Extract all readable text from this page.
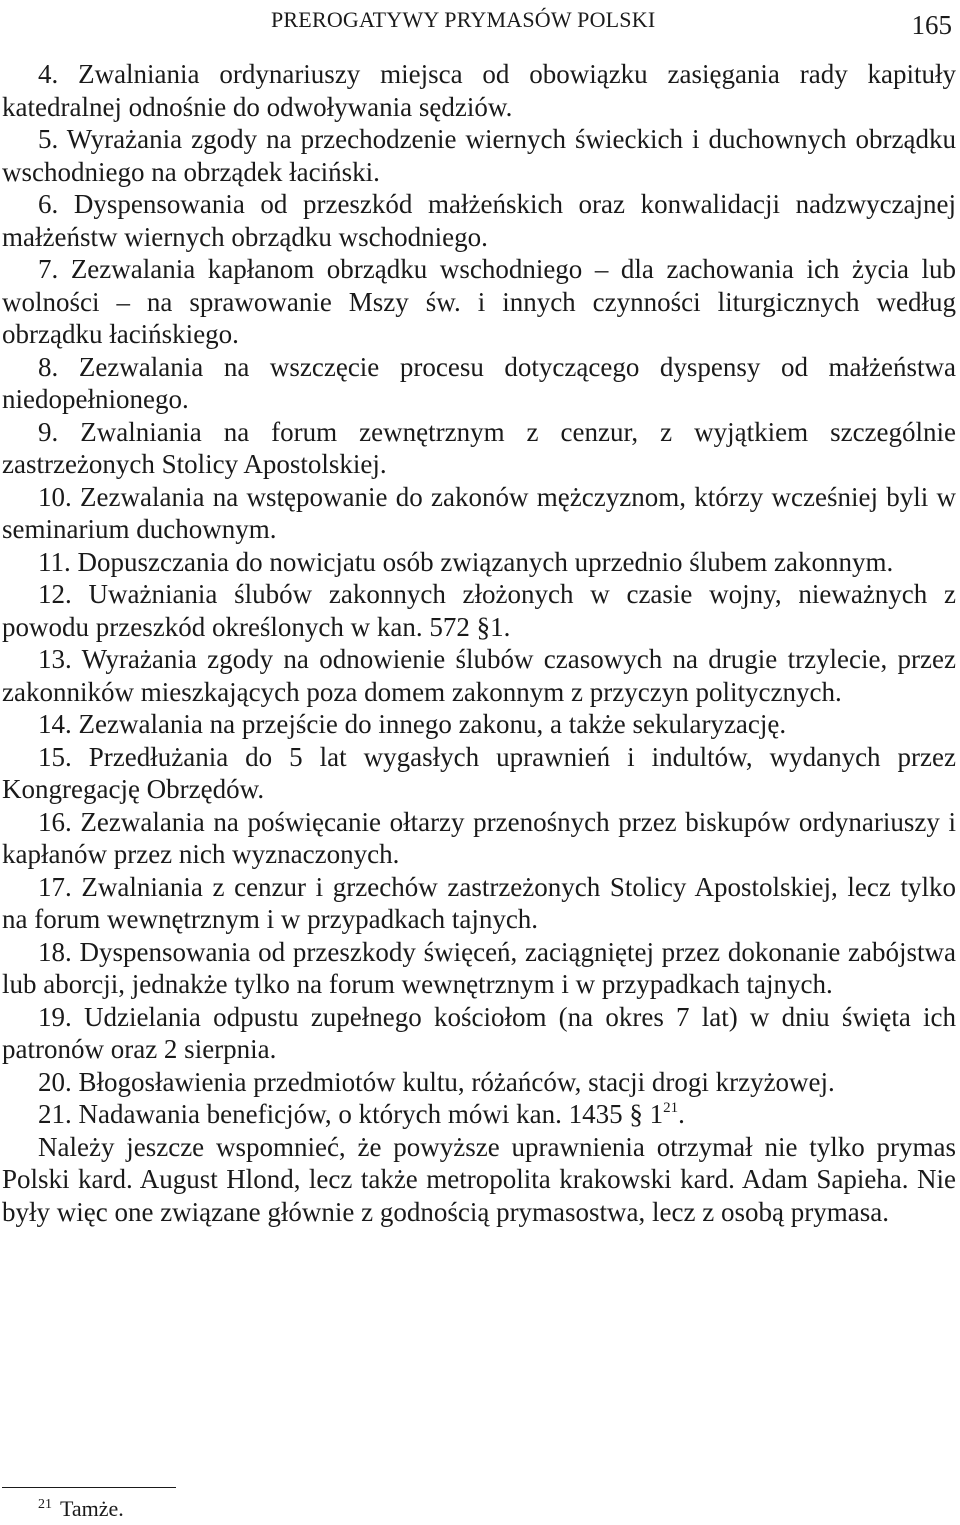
PREROGATYWY PRYMASÓW POLSKI	165

4. Zwalniania ordynariuszy miejsca od obowiązku zasięgania rady kapituły katedralnej odnośnie do odwoływania sędziów.

5. Wyrażania zgody na przechodzenie wiernych świeckich i duchownych obrządku wschodniego na obrządek łaciński.

6. Dyspensowania od przeszkód małżeńskich oraz konwalidacji nadzwyczajnej małżeństw wiernych obrządku wschodniego.

7. Zezwalania kapłanom obrządku wschodniego – dla zachowania ich życia lub wolności – na sprawowanie Mszy św. i innych czynności liturgicznych według obrządku łacińskiego.

8. Zezwalania na wszczęcie procesu dotyczącego dyspensy od małżeństwa niedopełnionego.

9. Zwalniania na forum zewnętrznym z cenzur, z wyjątkiem szczególnie zastrzeżonych Stolicy Apostolskiej.

10. Zezwalania na wstępowanie do zakonów mężczyznom, którzy wcześniej byli w seminarium duchownym.

11. Dopuszczania do nowicjatu osób związanych uprzednio ślubem zakonnym.

12. Uważniania ślubów zakonnych złożonych w czasie wojny, nieważnych z powodu przeszkód określonych w kan. 572 §1.

13. Wyrażania zgody na odnowienie ślubów czasowych na drugie trzylecie, przez zakonników mieszkających poza domem zakonnym z przyczyn politycznych.

14. Zezwalania na przejście do innego zakonu, a także sekularyzację.

15. Przedłużania do 5 lat wygasłych uprawnień i indultów, wydanych przez Kongregację Obrzędów.

16. Zezwalania na poświęcanie ołtarzy przenośnych przez biskupów ordynariuszy i kapłanów przez nich wyznaczonych.

17. Zwalniania z cenzur i grzechów zastrzeżonych Stolicy Apostolskiej, lecz tylko na forum wewnętrznym i w przypadkach tajnych.

18. Dyspensowania od przeszkody święceń, zaciągniętej przez dokonanie zabójstwa lub aborcji, jednakże tylko na forum wewnętrznym i w przypadkach tajnych.

19. Udzielania odpustu zupełnego kościołom (na okres 7 lat) w dniu święta ich patronów oraz 2 sierpnia.

20. Błogosławienia przedmiotów kultu, różańców, stacji drogi krzyżowej.

21. Nadawania beneficjów, o których mówi kan. 1435 § $1^{21}$.

Należy jeszcze wspomnieć, że powyższe uprawnienia otrzymał nie tylko prymas Polski kard. August Hlond, lecz także metropolita krakowski kard. Adam Sapieha. Nie były więc one związane głównie z godnością prymasostwa, lecz z osobą prymasa.

$^{21}$ Tamże.
